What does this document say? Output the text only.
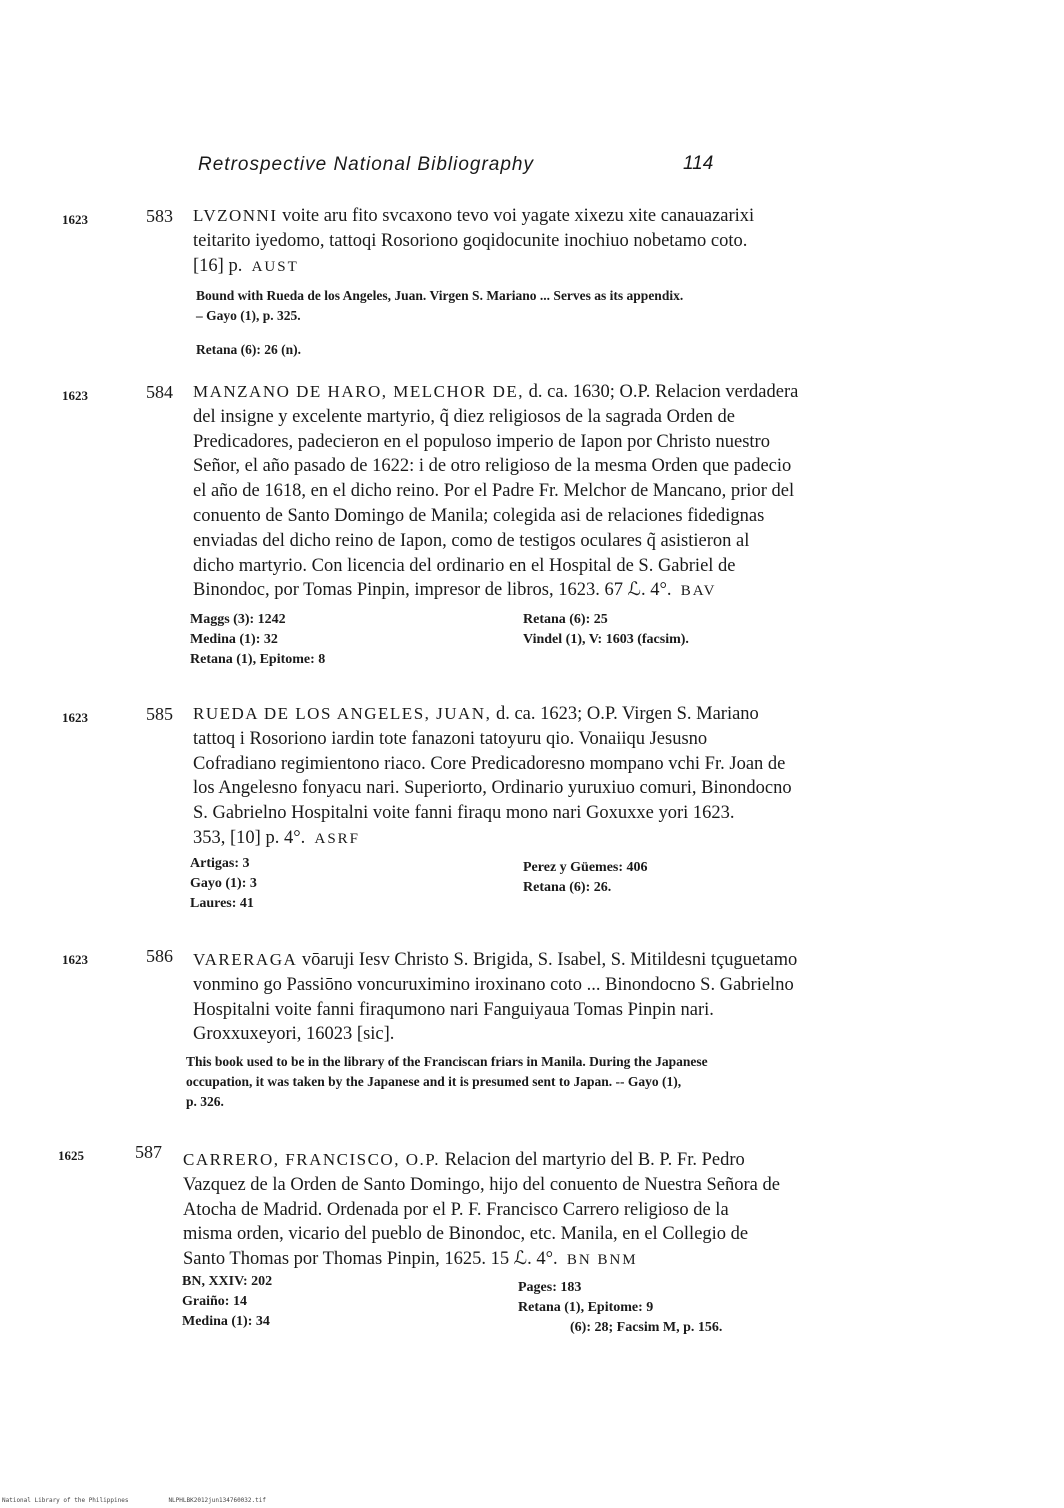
Retrospective National Bibliography	114
1623	583 LVZONNI voite aru fito svcaxono tevo voi yagate xixezu xite canauazarixi
teitarito iyedomo, tattoqi Rosoriono goqidocunite inochiuo nobetamo coto.
[16] p. AUST
Bound with Rueda de los Angeles, Juan. Virgen S. Mariano ... Serves as its appendix.
– Gayo (1), p. 325.
Retana (6): 26 (n).
1623	584 MANZANO DE HARO, MELCHOR DE, d. ca. 1630; O.P. Relacion verdadera
del insigne y excelente martyrio, q̃ diez religiosos de la sagrada Orden de
Predicadores, padecieron en el populoso imperio de Iapon por Christo nuestro
Señor, el año pasado de 1622: i de otro religioso de la mesma Orden que padecio
el año de 1618, en el dicho reino. Por el Padre Fr. Melchor de Mancano, prior del
conuento de Santo Domingo de Manila; colegida asi de relaciones fidedignas
enviadas del dicho reino de Iapon, como de testigos oculares q̃ asistieron al
dicho martyrio. Con licencia del ordinario en el Hospital de S. Gabriel de
Binondoc, por Tomas Pinpin, impresor de libros, 1623. 67 ℒ. 4°. BAV
Maggs (3): 1242
Medina (1): 32
Retana (1), Epitome: 8
Retana (6): 25
Vindel (1), V: 1603 (facsim).
1623	585 RUEDA DE LOS ANGELES, JUAN, d. ca. 1623; O.P. Virgen S. Mariano
tattoq i Rosoriono iardin tote fanazoni tatoyuru qio. Vonaiiqu Jesusno
Cofradiano regimientono riaco. Core Predicadoresno mompano vchi Fr. Joan de
los Angelesno fonyacu nari. Superiorto, Ordinario yuruxiuo comuri, Binondocno
S. Gabrielno Hospitalni voite fanni firaqu mono nari Goxuxxe yori 1623.
353, [10] p. 4°. ASRF
Artigas: 3
Gayo (1): 3
Laures: 41
Perez y Güemes: 406
Retana (6): 26.
1623	586 VARERAGA vōaruji Iesv Christo S. Brigida, S. Isabel, S. Mitildesni tçuguetamo
vonmino go Passiōno voncuruximino iroxinano coto ... Binondocno S. Gabrielno
Hospitalni voite fanni firaqumono nari Fanguiyaua Tomas Pinpin nari.
Groxxuxeyori, 16023 [sic].
This book used to be in the library of the Franciscan friars in Manila. During the Japanese
occupation, it was taken by the Japanese and it is presumed sent to Japan. -- Gayo (1),
p. 326.
1625	587 CARRERO, FRANCISCO, O.P. Relacion del martyrio del B. P. Fr. Pedro
Vazquez de la Orden de Santo Domingo, hijo del conuento de Nuestra Señora de
Atocha de Madrid. Ordenada por el P. F. Francisco Carrero religioso de la
misma orden, vicario del pueblo de Binondoc, etc. Manila, en el Collegio de
Santo Thomas por Thomas Pinpin, 1625. 15 ℒ. 4°. BN BNM
BN, XXIV: 202
Graiño: 14
Medina (1): 34
Pages: 183
Retana (1), Epitome: 9
(6): 28; Facsim M, p. 156.
National Library of the Philippines	NLPHLBK2012jun134760032.tif
